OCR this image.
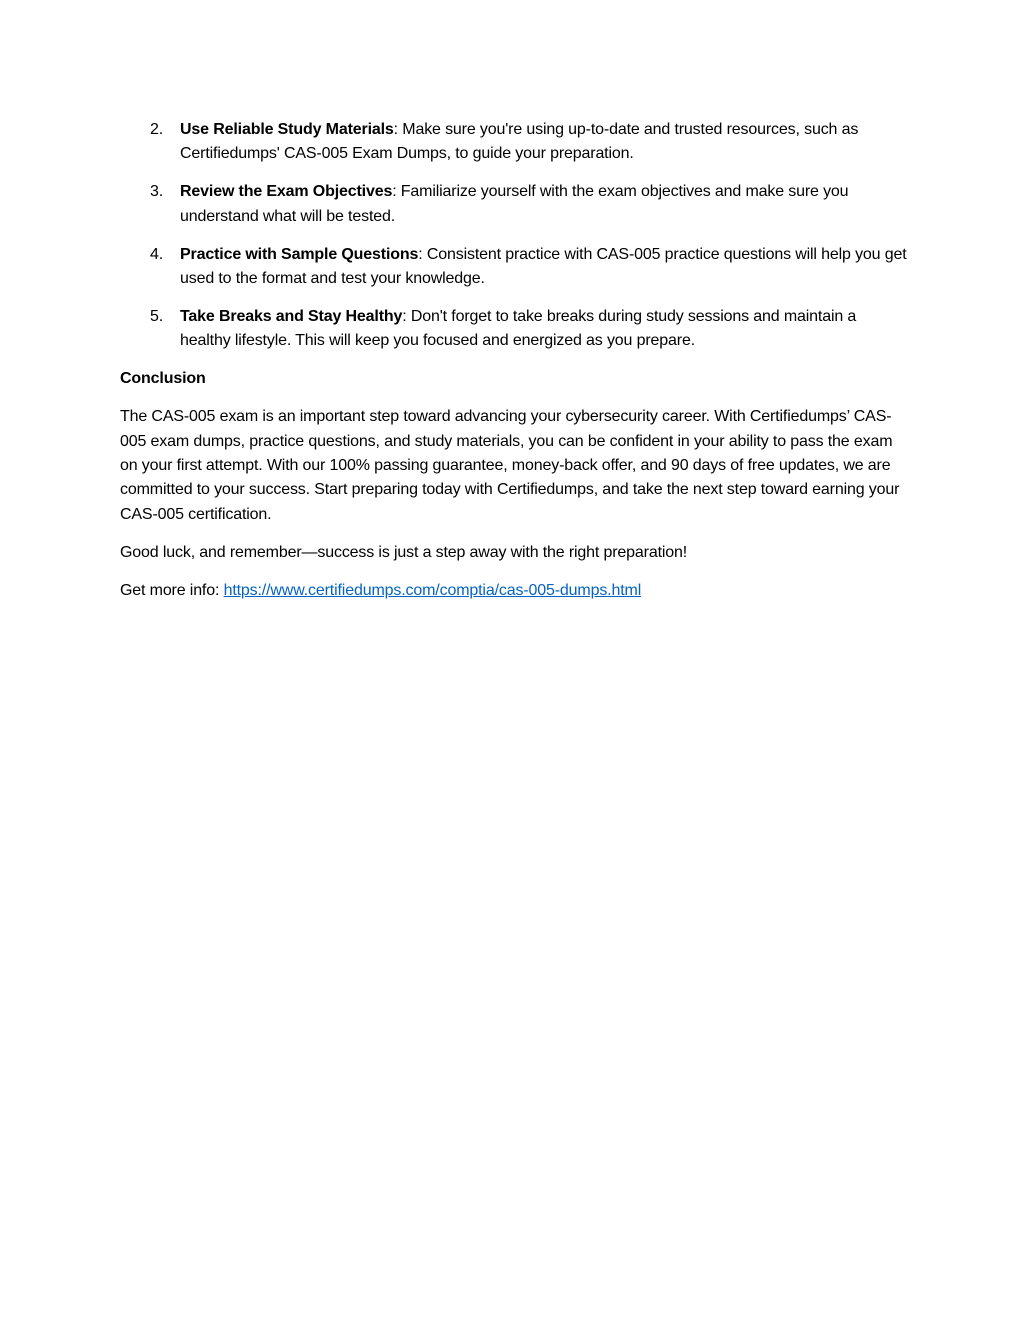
2. Use Reliable Study Materials: Make sure you're using up-to-date and trusted resources, such as Certifiedumps' CAS-005 Exam Dumps, to guide your preparation.
3. Review the Exam Objectives: Familiarize yourself with the exam objectives and make sure you understand what will be tested.
4. Practice with Sample Questions: Consistent practice with CAS-005 practice questions will help you get used to the format and test your knowledge.
5. Take Breaks and Stay Healthy: Don't forget to take breaks during study sessions and maintain a healthy lifestyle. This will keep you focused and energized as you prepare.
Conclusion

The CAS-005 exam is an important step toward advancing your cybersecurity career. With Certifiedumps’ CAS-005 exam dumps, practice questions, and study materials, you can be confident in your ability to pass the exam on your first attempt. With our 100% passing guarantee, money-back offer, and 90 days of free updates, we are committed to your success. Start preparing today with Certifiedumps, and take the next step toward earning your CAS-005 certification.

Good luck, and remember—success is just a step away with the right preparation!

Get more info: https://www.certifiedumps.com/comptia/cas-005-dumps.html
